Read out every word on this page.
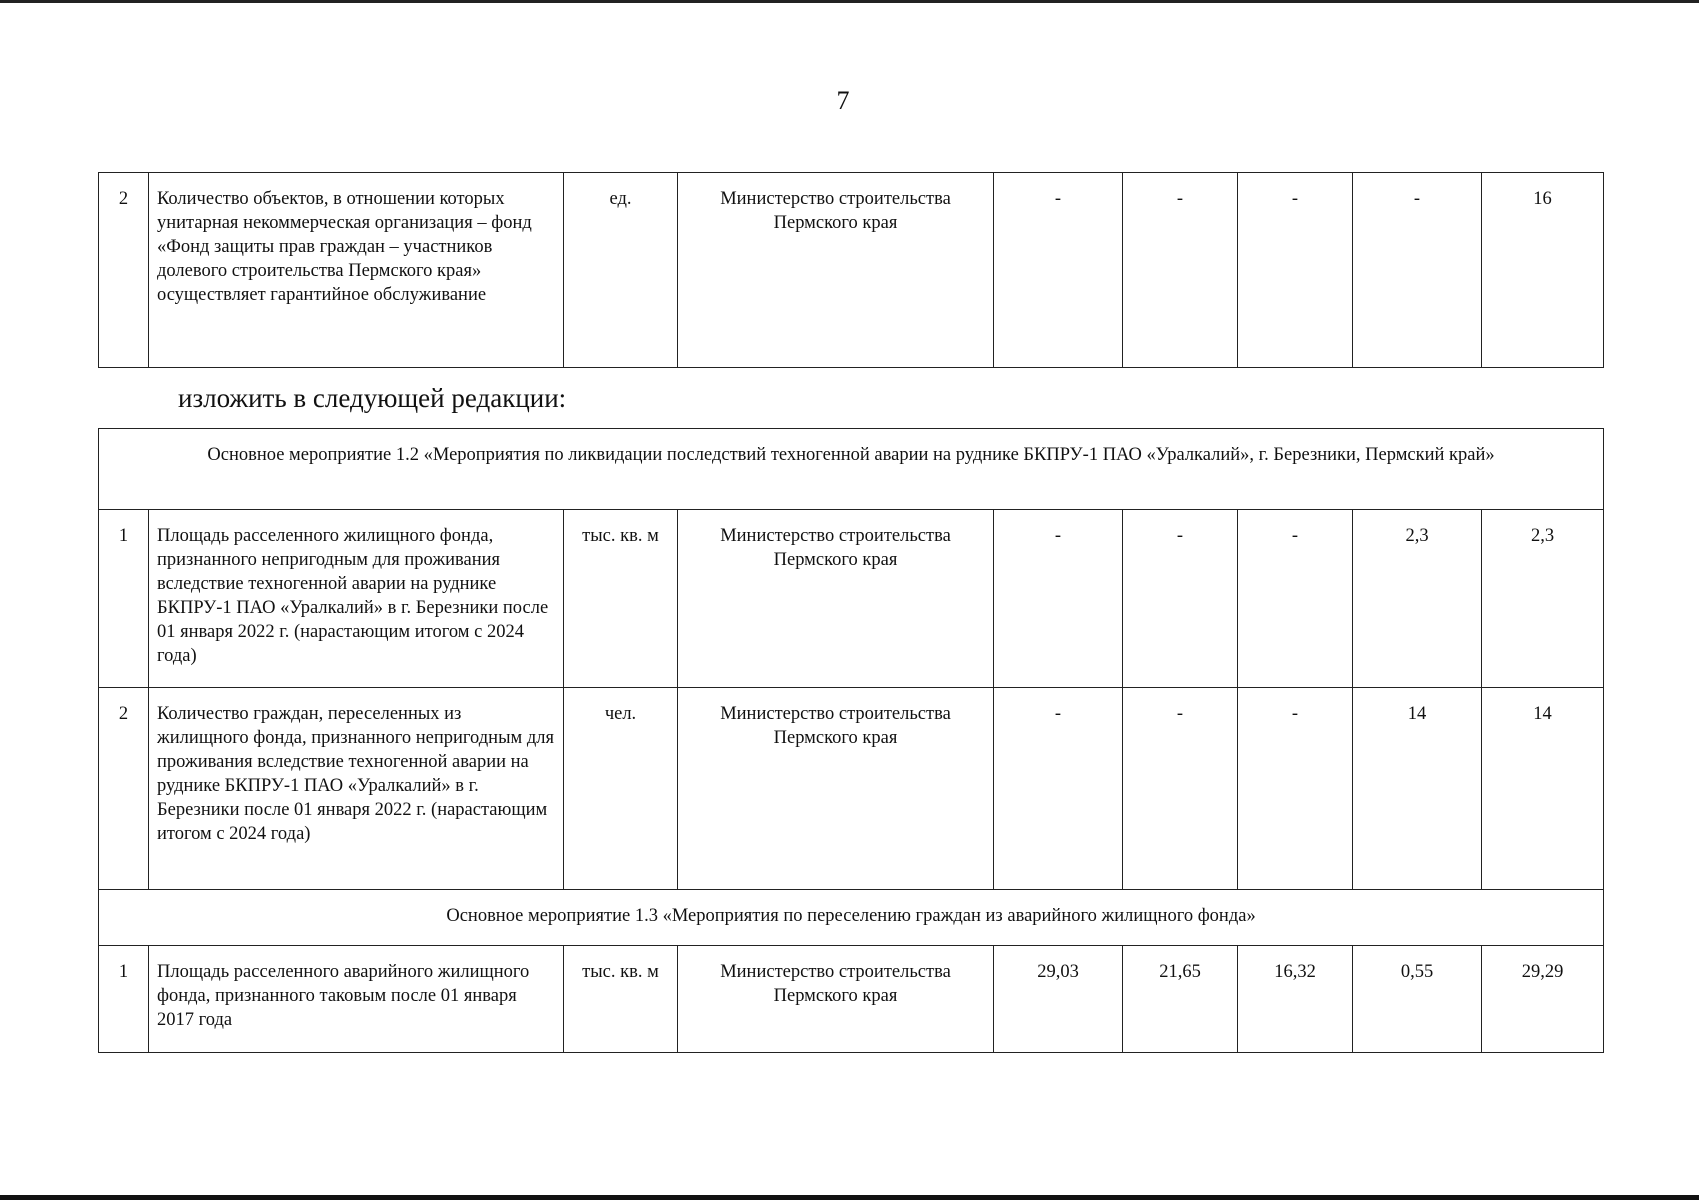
7
2	Количество объектов, в отношении которых унитарная некоммерческая организация – фонд «Фонд защиты прав граждан – участников долевого строительства Пермского края» осуществляет гарантийное обслуживание	ед.	Министерство строительства Пермского края	-	-	-	-	16
изложить в следующей редакции:
Основное мероприятие 1.2 «Мероприятия по ликвидации последствий техногенной аварии на руднике БКПРУ-1 ПАО «Уралкалий», г. Березники, Пермский край»								
1	Площадь расселенного жилищного фонда, признанного непригодным для проживания вследствие техногенной аварии на руднике БКПРУ-1 ПАО «Уралкалий» в г. Березники после 01 января 2022 г. (нарастающим итогом с 2024 года)	тыс. кв. м	Министерство строительства Пермского края	-	-	-	2,3	2,3
2	Количество граждан, переселенных из жилищного фонда, признанного непригодным для проживания вследствие техногенной аварии на руднике БКПРУ-1 ПАО «Уралкалий» в г. Березники после 01 января 2022 г. (нарастающим итогом с 2024 года)	чел.	Министерство строительства Пермского края	-	-	-	14	14
Основное мероприятие 1.3 «Мероприятия по переселению граждан из аварийного жилищного фонда»								
1	Площадь расселенного аварийного жилищного фонда, признанного таковым после 01 января 2017 года	тыс. кв. м	Министерство строительства Пермского края	29,03	21,65	16,32	0,55	29,29
